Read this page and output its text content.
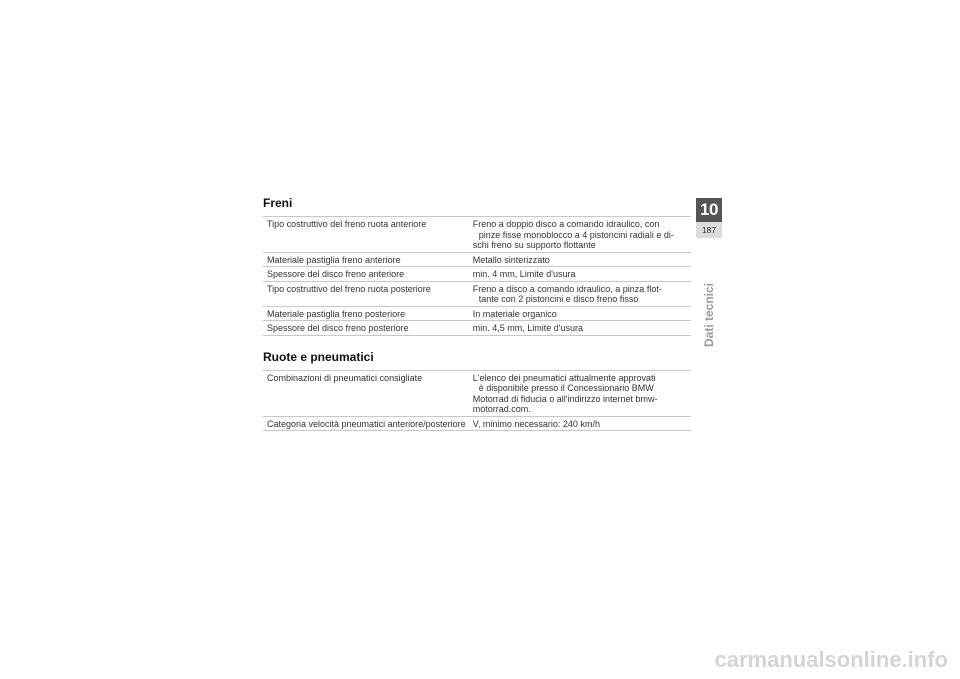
Freni
Tipo costruttivo del freno ruota anteriore	Freno a doppio disco a comando idraulico, con

pinze fisse monoblocco a 4 pistoncini radiali e di-
schi freno su supporto flottante
Materiale pastiglia freno anteriore	Metallo sinterizzato
Spessore del disco freno anteriore	min. 4 mm, Limite d'usura
Tipo costruttivo del freno ruota posteriore	Freno a disco a comando idraulico, a pinza flot-

tante con 2 pistoncini e disco freno fisso

Materiale pastiglia freno posteriore	In materiale organico
Spessore del disco freno posteriore	min. 4,5 mm, Limite d'usura
Ruote e pneumatici
Combinazioni di pneumatici consigliate	L'elenco dei pneumatici attualmente approvati

è disponibile presso il Concessionario BMW
Motorrad di fiducia o all'indirizzo internet bmw-
motorrad.com.
Categoria velocità pneumatici anteriore/posteriore	V, minimo necessario: 240 km/h
10
187
Dati tecnici
carmanualsonline.info
